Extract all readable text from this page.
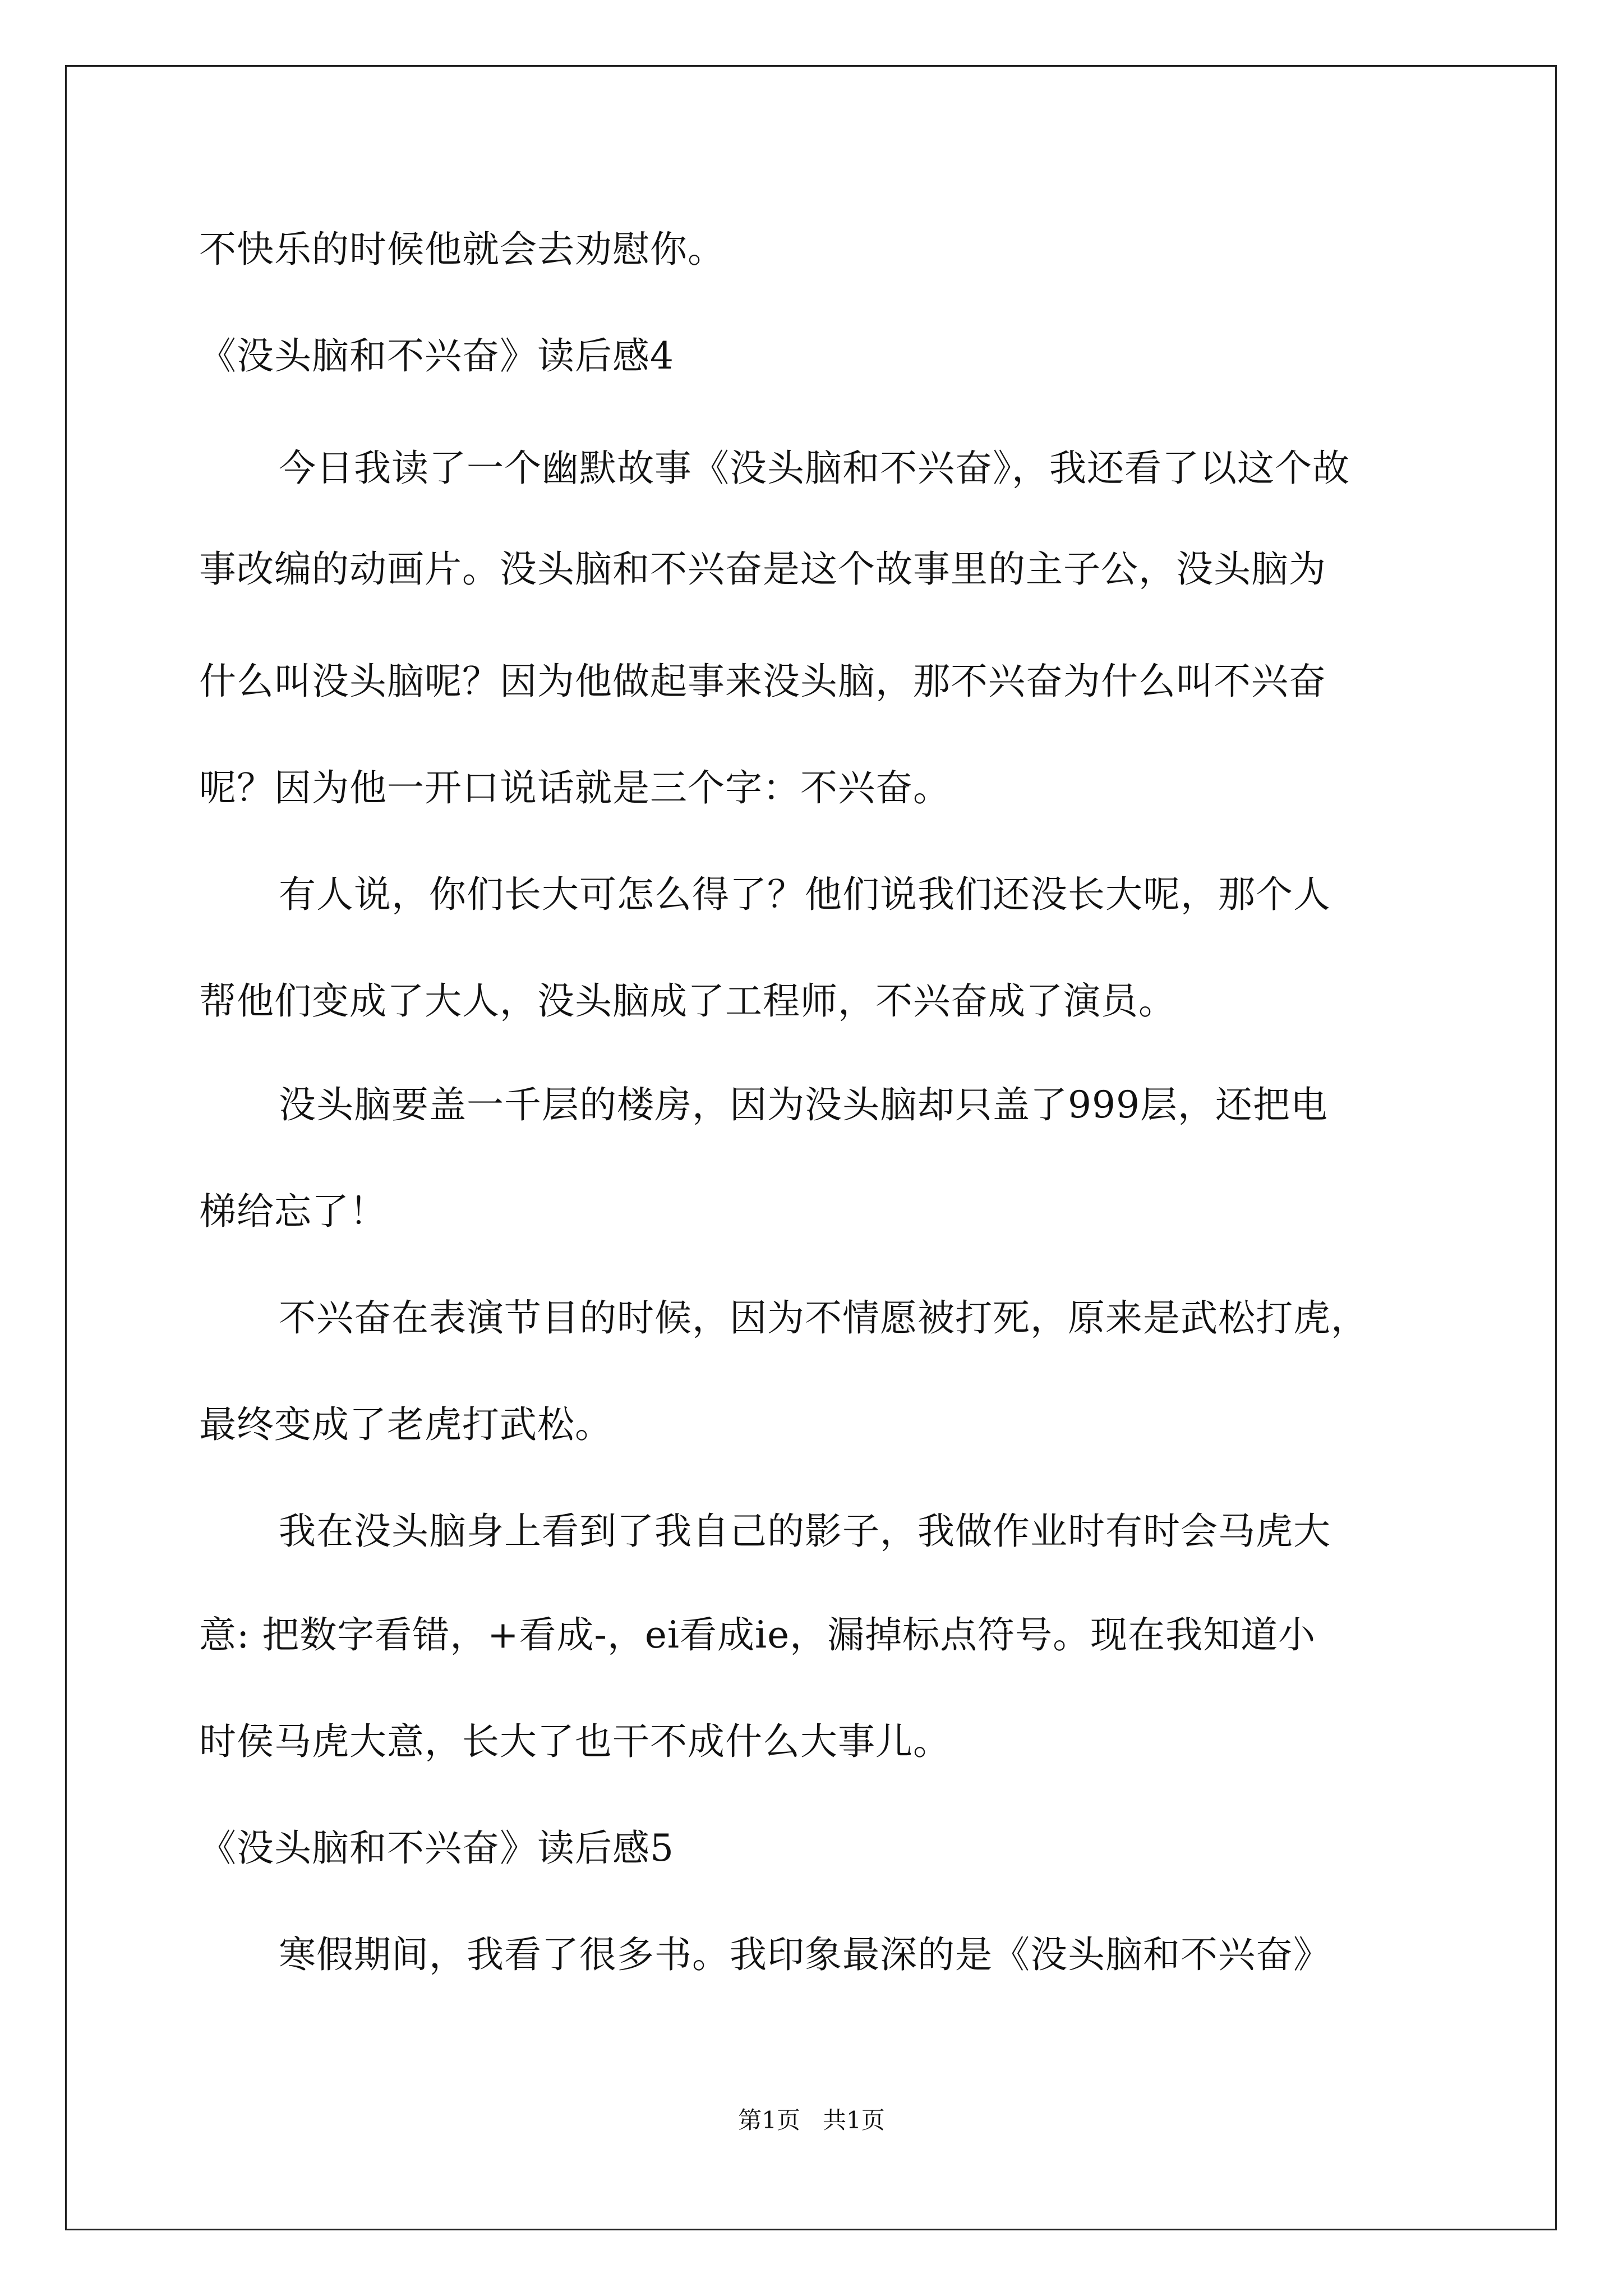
不快乐的时候他就会去劝慰你。
《没头脑和不兴奋》读后感4
今日我读了一个幽默故事《没头脑和不兴奋》，我还看了以这个故
事改编的动画片。没头脑和不兴奋是这个故事里的主子公，没头脑为
什么叫没头脑呢？因为他做起事来没头脑，那不兴奋为什么叫不兴奋
呢？因为他一开口说话就是三个字：不兴奋。
有人说，你们长大可怎么得了？他们说我们还没长大呢，那个人
帮他们变成了大人，没头脑成了工程师，不兴奋成了演员。
没头脑要盖一千层的楼房，因为没头脑却只盖了999层，还把电
梯给忘了！
不兴奋在表演节目的时候，因为不情愿被打死，原来是武松打虎，
最终变成了老虎打武松。
我在没头脑身上看到了我自己的影子，我做作业时有时会马虎大
意: 把数字看错，+看成-，ei看成ie，漏掉标点符号。现在我知道小
时侯马虎大意，长大了也干不成什么大事儿。
《没头脑和不兴奋》读后感5
寒假期间，我看了很多书。我印象最深的是《没头脑和不兴奋》
第1页   共1页
